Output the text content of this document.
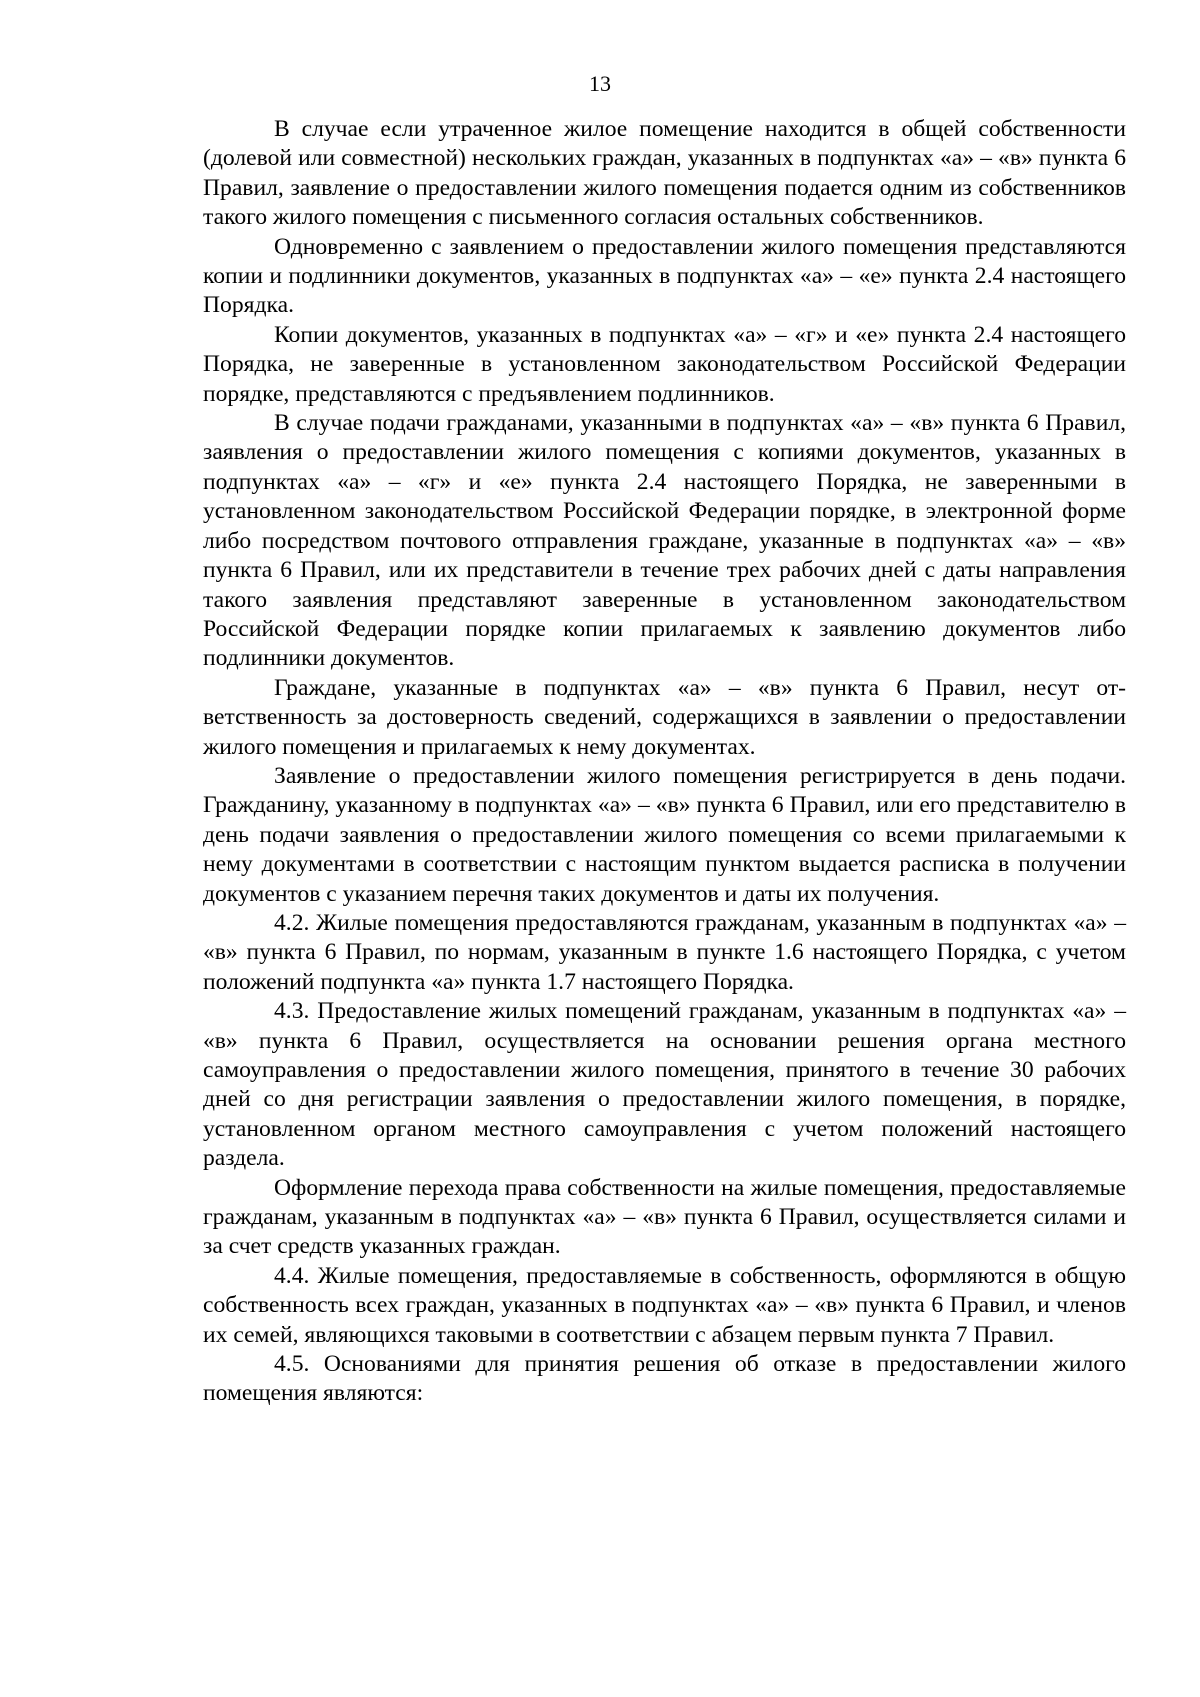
13

В случае если утраченное жилое помещение находится в общей собственности (долевой или совместной) нескольких граждан, указанных в подпунктах «а» – «в» пункта 6 Правил, заявление о предоставлении жилого помещения подается одним из собственников такого жилого помещения с письменного согласия остальных собственников.

Одновременно с заявлением о предоставлении жилого помещения представляются копии и подлинники документов, указанных в подпунктах «а» – «е» пункта 2.4 настоящего Порядка.

Копии документов, указанных в подпунктах «а» – «г» и «е» пункта 2.4 настоящего Порядка, не заверенные в установленном законодательством Российской Федерации порядке, представляются с предъявлением подлинников.

В случае подачи гражданами, указанными в подпунктах «а» – «в» пункта 6 Правил, заявления о предоставлении жилого помещения с копиями документов, указанных в подпунктах «а» – «г» и «е» пункта 2.4 настоящего Порядка, не заверенными в установленном законодательством Российской Федерации порядке, в электронной форме либо посредством почтового отправления граждане, указанные в подпунктах «а» – «в» пункта 6 Правил, или их представители в течение трех рабочих дней с даты направления такого заявления представляют заверенные в установленном законодательством Российской Федерации порядке копии прилагаемых к заявлению документов либо подлинники документов.

Граждане, указанные в подпунктах «а» – «в» пункта 6 Правил, несут ответственность за достоверность сведений, содержащихся в заявлении о предоставлении жилого помещения и прилагаемых к нему документах.

Заявление о предоставлении жилого помещения регистрируется в день подачи. Гражданину, указанному в подпунктах «а» – «в» пункта 6 Правил, или его представителю в день подачи заявления о предоставлении жилого помещения со всеми прилагаемыми к нему документами в соответствии с настоящим пунктом выдается расписка в получении документов с указанием перечня таких документов и даты их получения.

4.2. Жилые помещения предоставляются гражданам, указанным в подпунктах «а» – «в» пункта 6 Правил, по нормам, указанным в пункте 1.6 настоящего Порядка, с учетом положений подпункта «а» пункта 1.7 настоящего Порядка.

4.3. Предоставление жилых помещений гражданам, указанным в подпунктах «а» – «в» пункта 6 Правил, осуществляется на основании решения органа местного самоуправления о предоставлении жилого помещения, принятого в течение 30 рабочих дней со дня регистрации заявления о предоставлении жилого помещения, в порядке, установленном органом местного самоуправления с учетом положений настоящего раздела.

Оформление перехода права собственности на жилые помещения, предоставляемые гражданам, указанным в подпунктах «а» – «в» пункта 6 Правил, осуществляется силами и за счет средств указанных граждан.

4.4. Жилые помещения, предоставляемые в собственность, оформляются в общую собственность всех граждан, указанных в подпунктах «а» – «в» пункта 6 Правил, и членов их семей, являющихся таковыми в соответствии с абзацем первым пункта 7 Правил.

4.5. Основаниями для принятия решения об отказе в предоставлении жилого помещения являются:
